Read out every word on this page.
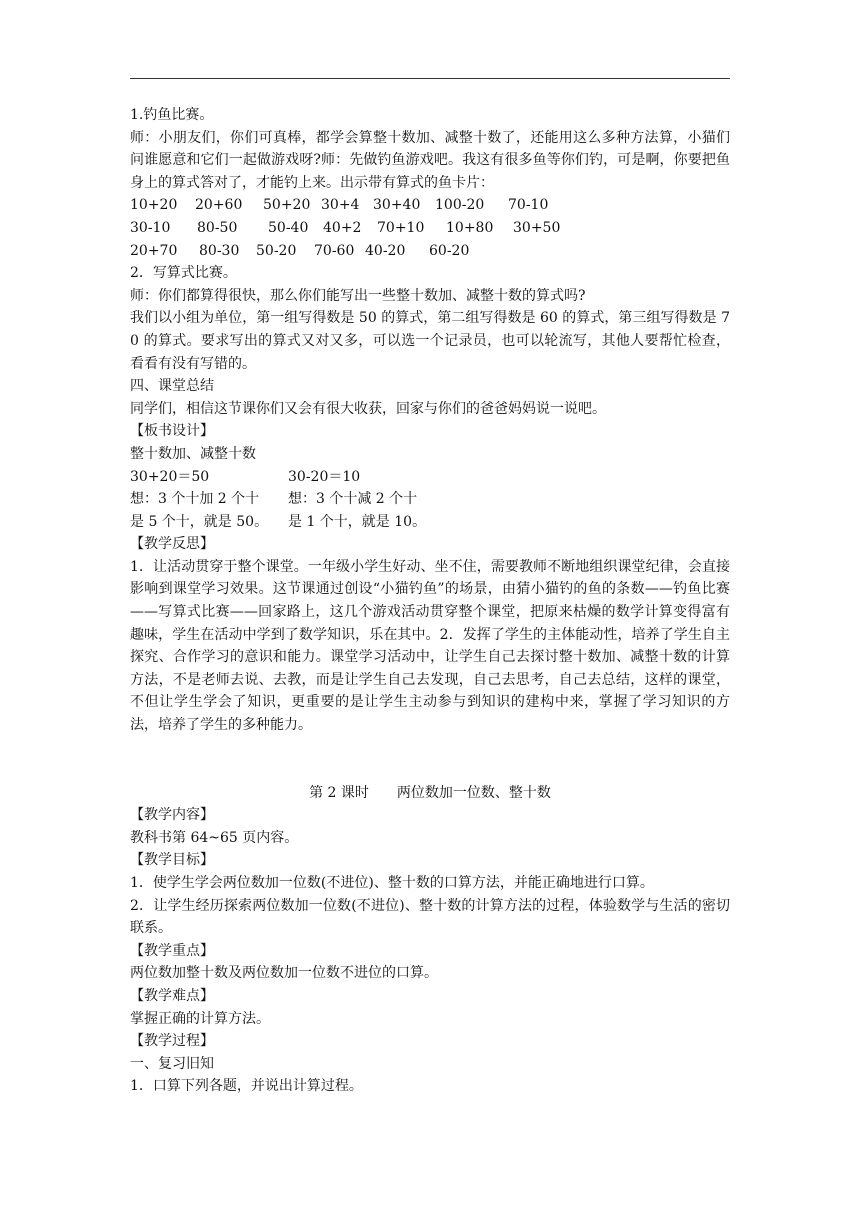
1.钓鱼比赛。
师：小朋友们，你们可真棒，都学会算整十数加、减整十数了，还能用这么多种方法算，小猫们问谁愿意和它们一起做游戏呀?师：先做钓鱼游戏吧。我这有很多鱼等你们钓，可是啊，你要把鱼身上的算式答对了，才能钓上来。出示带有算式的鱼卡片：
10+20	20+60	50+20 30+4 30+40	100-20	70-10
30-10	80-50	50-40	40+2	70+10	10+80	30+50
20+70	80-30	50-20	70-60 40-20	60-20
2．写算式比赛。
师：你们都算得很快，那么你们能写出一些整十数加、减整十数的算式吗?
我们以小组为单位，第一组写得数是 50 的算式，第二组写得数是 60 的算式，第三组写得数是 70 的算式。要求写出的算式又对又多，可以选一个记录员，也可以轮流写，其他人要帮忙检查，看看有没有写错的。
四、课堂总结
同学们，相信这节课你们又会有很大收获，回家与你们的爸爸妈妈说一说吧。
【板书设计】
整十数加、减整十数
30+20＝50	30-20＝10
想：3 个十加 2 个十	想：3 个十减 2 个十
是 5 个十，就是 50。	是 1 个十，就是 10。
【教学反思】
1．让活动贯穿于整个课堂。一年级小学生好动、坐不住，需要教师不断地组织课堂纪律，会直接影响到课堂学习效果。这节课通过创设“小猫钓鱼”的场景，由猜小猫钓的鱼的条数——钓鱼比赛——写算式比赛——回家路上，这几个游戏活动贯穿整个课堂，把原来枯燥的数学计算变得富有趣味，学生在活动中学到了数学知识，乐在其中。2．发挥了学生的主体能动性，培养了学生自主探究、合作学习的意识和能力。课堂学习活动中，让学生自己去探讨整十数加、减整十数的计算方法，不是老师去说、去教，而是让学生自己去发现，自己去思考，自己去总结，这样的课堂，不但让学生学会了知识，更重要的是让学生主动参与到知识的建构中来，掌握了学习知识的方法，培养了学生的多种能力。
第 2 课时　　两位数加一位数、整十数
【教学内容】
教科书第 64~65 页内容。
【教学目标】
1．使学生学会两位数加一位数(不进位)、整十数的口算方法，并能正确地进行口算。
2．让学生经历探索两位数加一位数(不进位)、整十数的计算方法的过程，体验数学与生活的密切联系。
【教学重点】
两位数加整十数及两位数加一位数不进位的口算。
【教学难点】
掌握正确的计算方法。
【教学过程】
一、复习旧知
1．口算下列各题，并说出计算过程。
